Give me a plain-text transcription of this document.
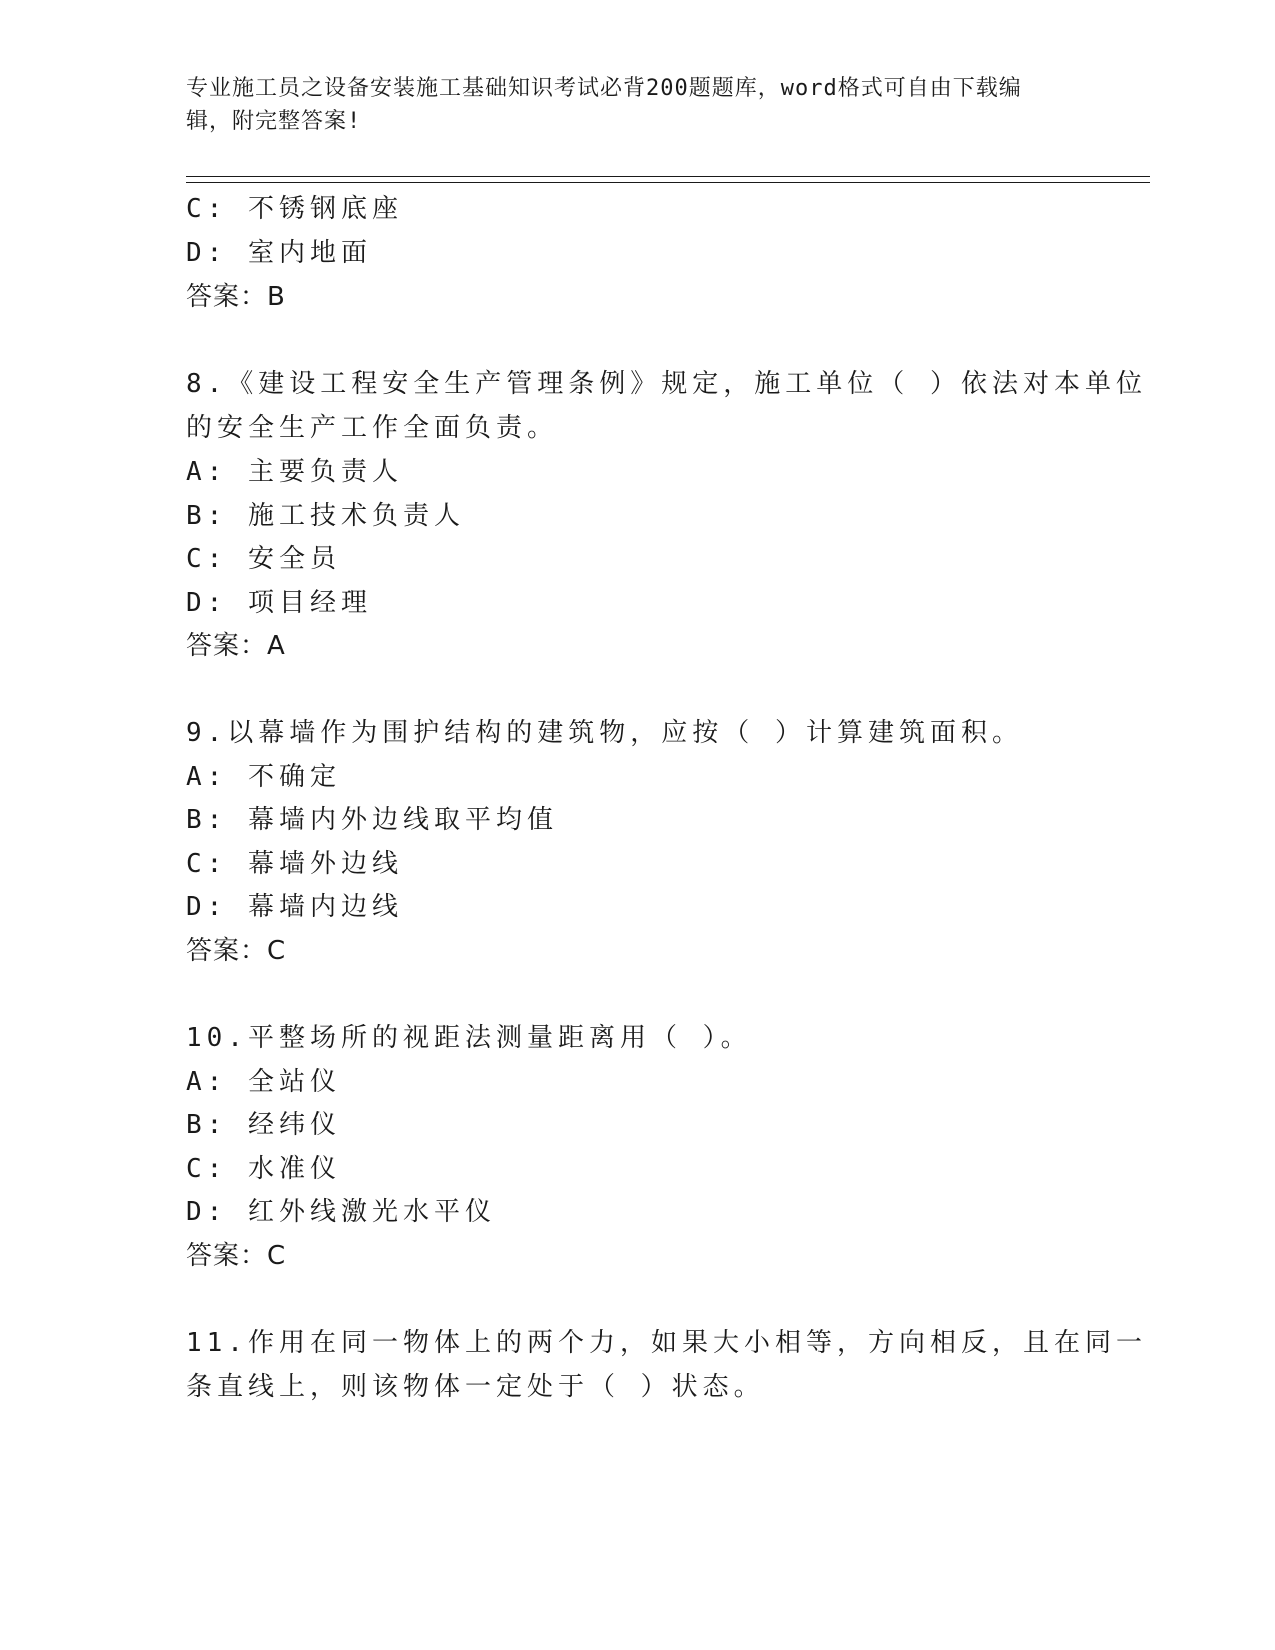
专业施工员之设备安装施工基础知识考试必背200题题库，word格式可自由下载编辑，附完整答案!
C: 不锈钢底座
D: 室内地面
答案：B
8.《建设工程安全生产管理条例》规定，施工单位（ ）依法对本单位
的安全生产工作全面负责。
A: 主要负责人
B: 施工技术负责人
C: 安全员
D: 项目经理
答案：A
9.以幕墙作为围护结构的建筑物，应按（ ）计算建筑面积。
A: 不确定
B: 幕墙内外边线取平均值
C: 幕墙外边线
D: 幕墙内边线
答案：C
10.平整场所的视距法测量距离用（ ）。
A: 全站仪
B: 经纬仪
C: 水准仪
D: 红外线激光水平仪
答案：C
11.作用在同一物体上的两个力，如果大小相等，方向相反，且在同一
条直线上，则该物体一定处于（ ）状态。
